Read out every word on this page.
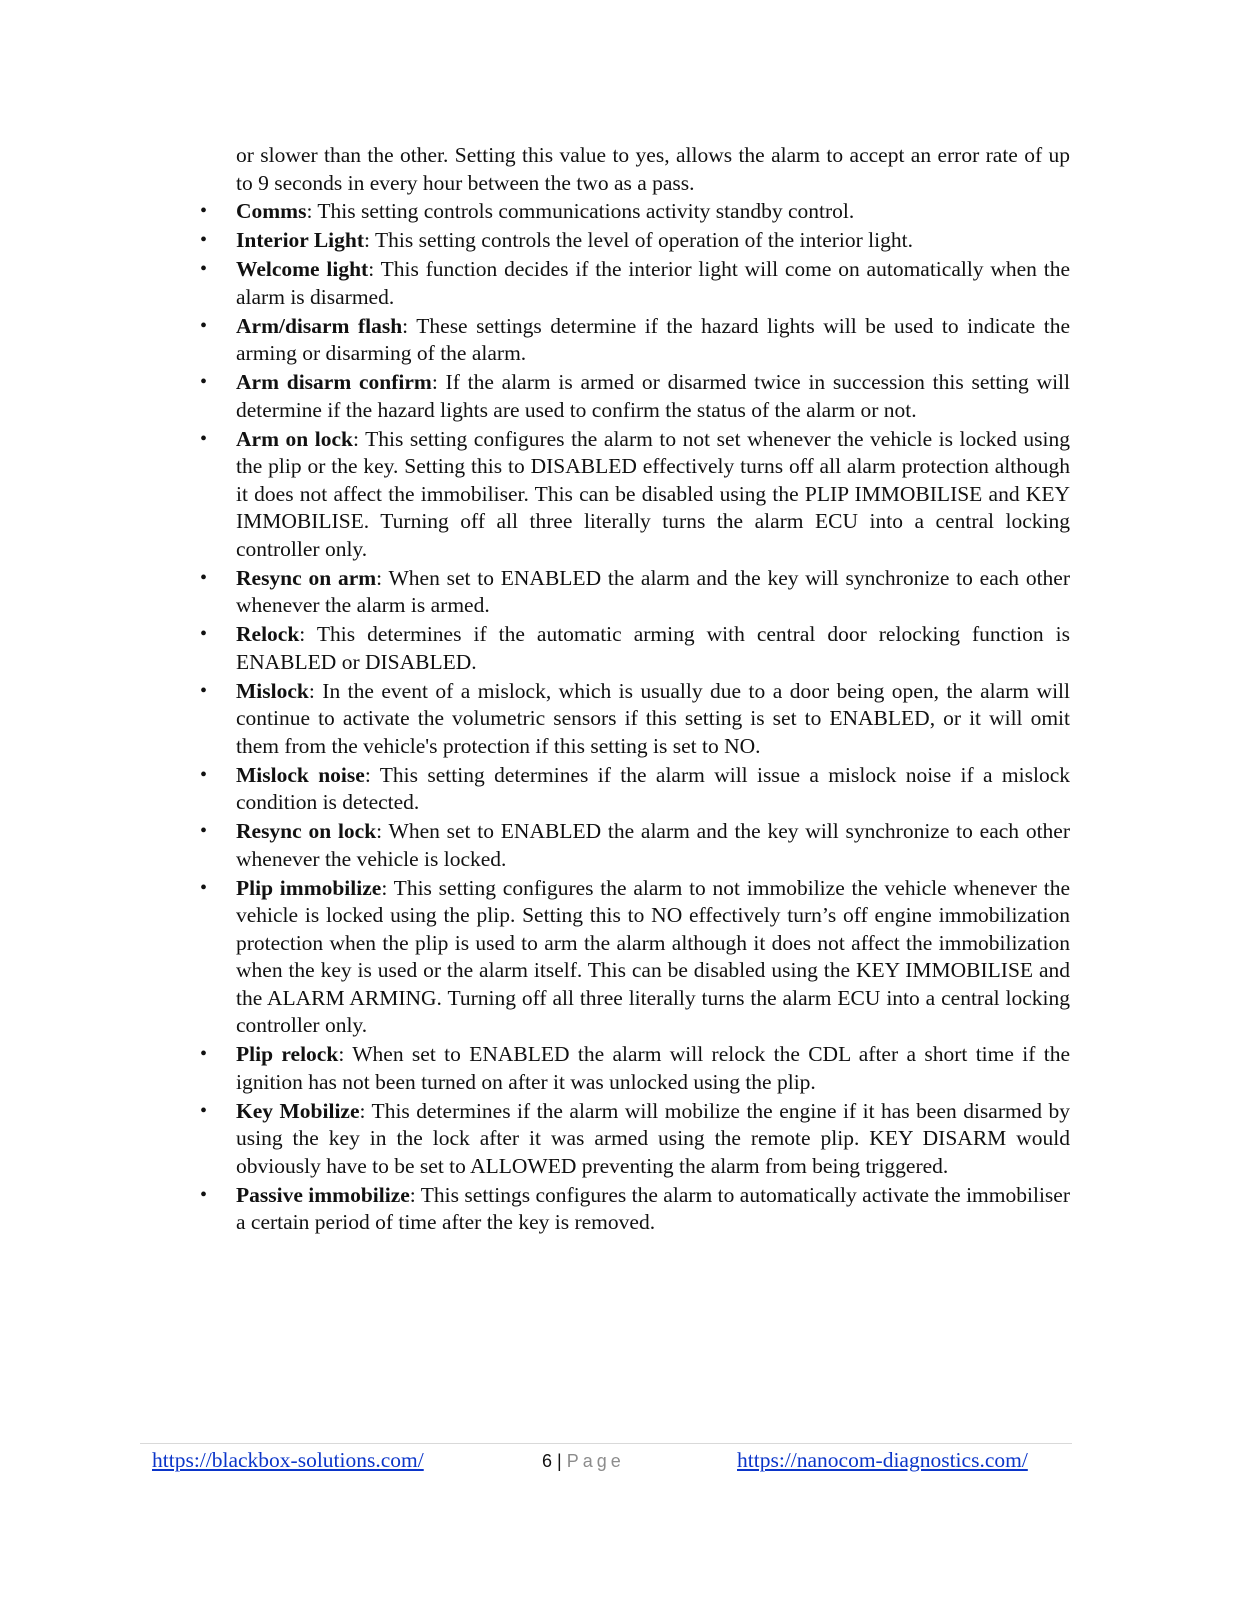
or slower than the other. Setting this value to yes, allows the alarm to accept an error rate of up to 9 seconds in every hour between the two as a pass.

•	Comms: This setting controls communications activity standby control.
•	Interior Light: This setting controls the level of operation of the interior light.
•	Welcome light: This function decides if the interior light will come on automatically when the alarm is disarmed.
•	Arm/disarm flash: These settings determine if the hazard lights will be used to indicate the arming or disarming of the alarm.
•	Arm disarm confirm: If the alarm is armed or disarmed twice in succession this setting will determine if the hazard lights are used to confirm the status of the alarm or not.
•	Arm on lock: This setting configures the alarm to not set whenever the vehicle is locked using the plip or the key. Setting this to DISABLED effectively turns off all alarm protection although it does not affect the immobiliser. This can be disabled using the PLIP IMMOBILISE and KEY IMMOBILISE. Turning off all three literally turns the alarm ECU into a central locking controller only.
•	Resync on arm: When set to ENABLED the alarm and the key will synchronize to each other whenever the alarm is armed.
•	Relock: This determines if the automatic arming with central door relocking function is ENABLED or DISABLED.
•	Mislock: In the event of a mislock, which is usually due to a door being open, the alarm will continue to activate the volumetric sensors if this setting is set to ENABLED, or it will omit them from the vehicle's protection if this setting is set to NO.
•	Mislock noise: This setting determines if the alarm will issue a mislock noise if a mislock condition is detected.
•	Resync on lock: When set to ENABLED the alarm and the key will synchronize to each other whenever the vehicle is locked.
•	Plip immobilize: This setting configures the alarm to not immobilize the vehicle whenever the vehicle is locked using the plip. Setting this to NO effectively turn’s off engine immobilization protection when the plip is used to arm the alarm although it does not affect the immobilization when the key is used or the alarm itself. This can be disabled using the KEY IMMOBILISE and the ALARM ARMING. Turning off all three literally turns the alarm ECU into a central locking controller only.
•	Plip relock: When set to ENABLED the alarm will relock the CDL after a short time if the ignition has not been turned on after it was unlocked using the plip.
•	Key Mobilize: This determines if the alarm will mobilize the engine if it has been disarmed by using the key in the lock after it was armed using the remote plip. KEY DISARM would obviously have to be set to ALLOWED preventing the alarm from being triggered.
•	Passive immobilize: This settings configures the alarm to automatically activate the immobiliser a certain period of time after the key is removed.
https://blackbox-solutions.com/	6 | Page	https://nanocom-diagnostics.com/
